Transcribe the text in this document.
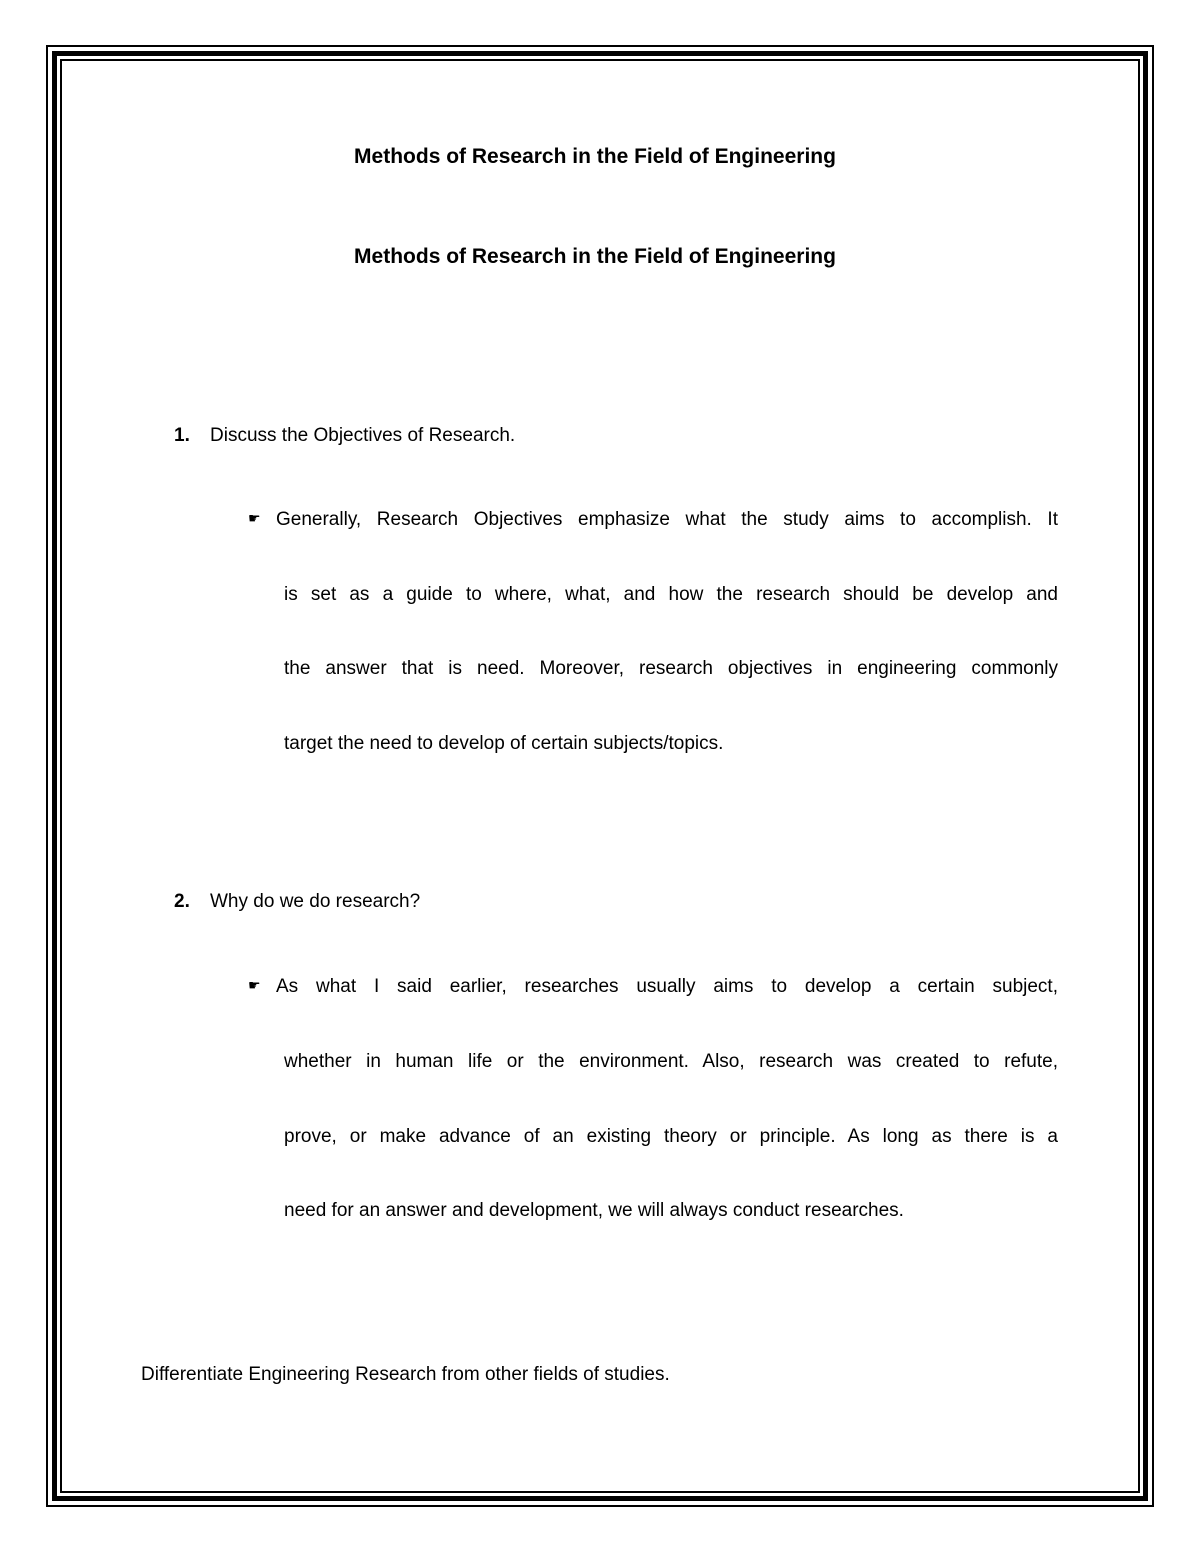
Methods of Research in the Field of Engineering
Methods of Research in the Field of Engineering
1.	Discuss the Objectives of Research.
☛ Generally, Research Objectives emphasize what the study aims to accomplish. It
is set as a guide to where, what, and how the research should be develop and
the answer that is need. Moreover, research objectives in engineering commonly
target the need to develop of certain subjects/topics.
2.	Why do we do research?
☛ As what I said earlier, researches usually aims to develop a certain subject,
whether in human life or the environment. Also, research was created to refute,
prove, or make advance of an existing theory or principle. As long as there is a
need for an answer and development, we will always conduct researches.
Differentiate Engineering Research from other fields of studies.
